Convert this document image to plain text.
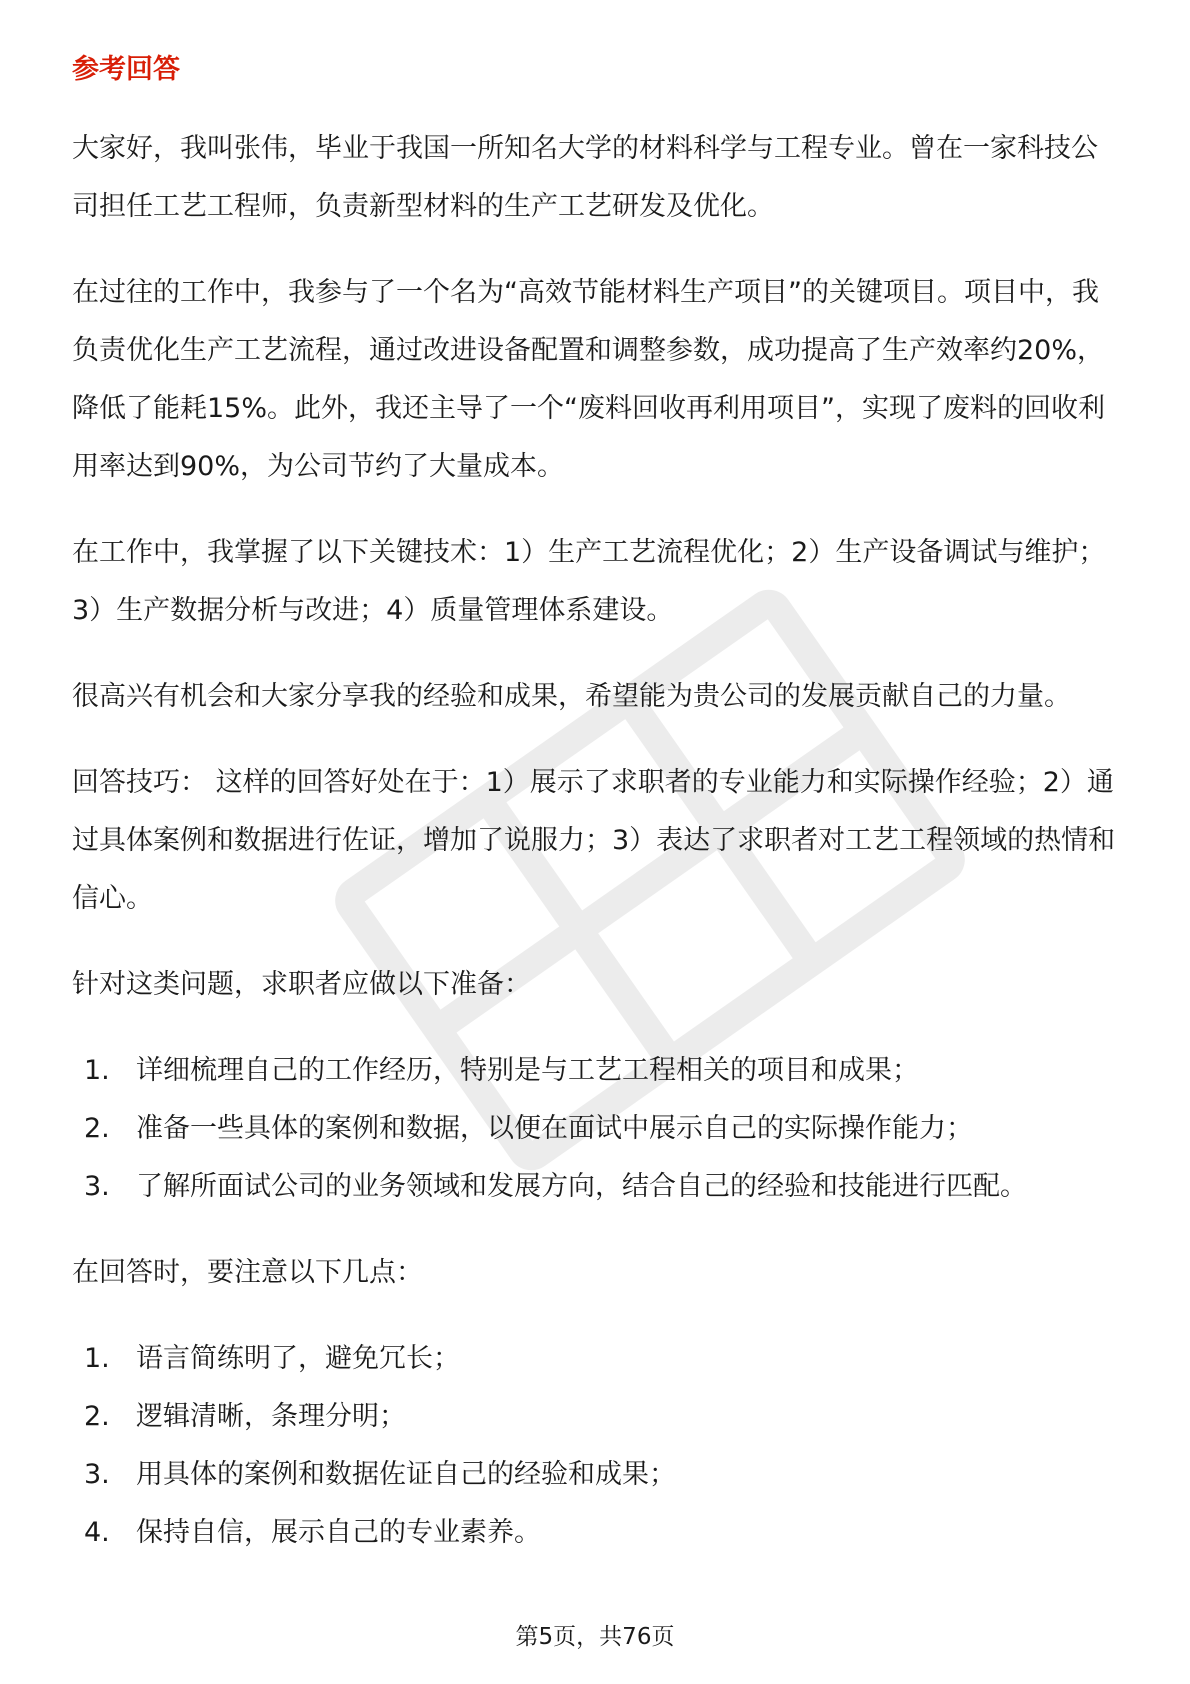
参考回答

大家好，我叫张伟，毕业于我国一所知名大学的材料科学与工程专业。曾在一家科技公司担任工艺工程师，负责新型材料的生产工艺研发及优化。

在过往的工作中，我参与了一个名为“高效节能材料生产项目”的关键项目。项目中，我负责优化生产工艺流程，通过改进设备配置和调整参数，成功提高了生产效率约20%，降低了能耗15%。此外，我还主导了一个“废料回收再利用项目”，实现了废料的回收利用率达到90%，为公司节约了大量成本。

在工作中，我掌握了以下关键技术：1）生产工艺流程优化；2）生产设备调试与维护；3）生产数据分析与改进；4）质量管理体系建设。

很高兴有机会和大家分享我的经验和成果，希望能为贵公司的发展贡献自己的力量。

回答技巧： 这样的回答好处在于：1）展示了求职者的专业能力和实际操作经验；2）通过具体案例和数据进行佐证，增加了说服力；3）表达了求职者对工艺工程领域的热情和信心。

针对这类问题，求职者应做以下准备：

1. 详细梳理自己的工作经历，特别是与工艺工程相关的项目和成果；
2. 准备一些具体的案例和数据，以便在面试中展示自己的实际操作能力；
3. 了解所面试公司的业务领域和发展方向，结合自己的经验和技能进行匹配。

在回答时，要注意以下几点：

1. 语言简练明了，避免冗长；
2. 逻辑清晰，条理分明；
3. 用具体的案例和数据佐证自己的经验和成果；
4. 保持自信，展示自己的专业素养。
第5页，共76页
